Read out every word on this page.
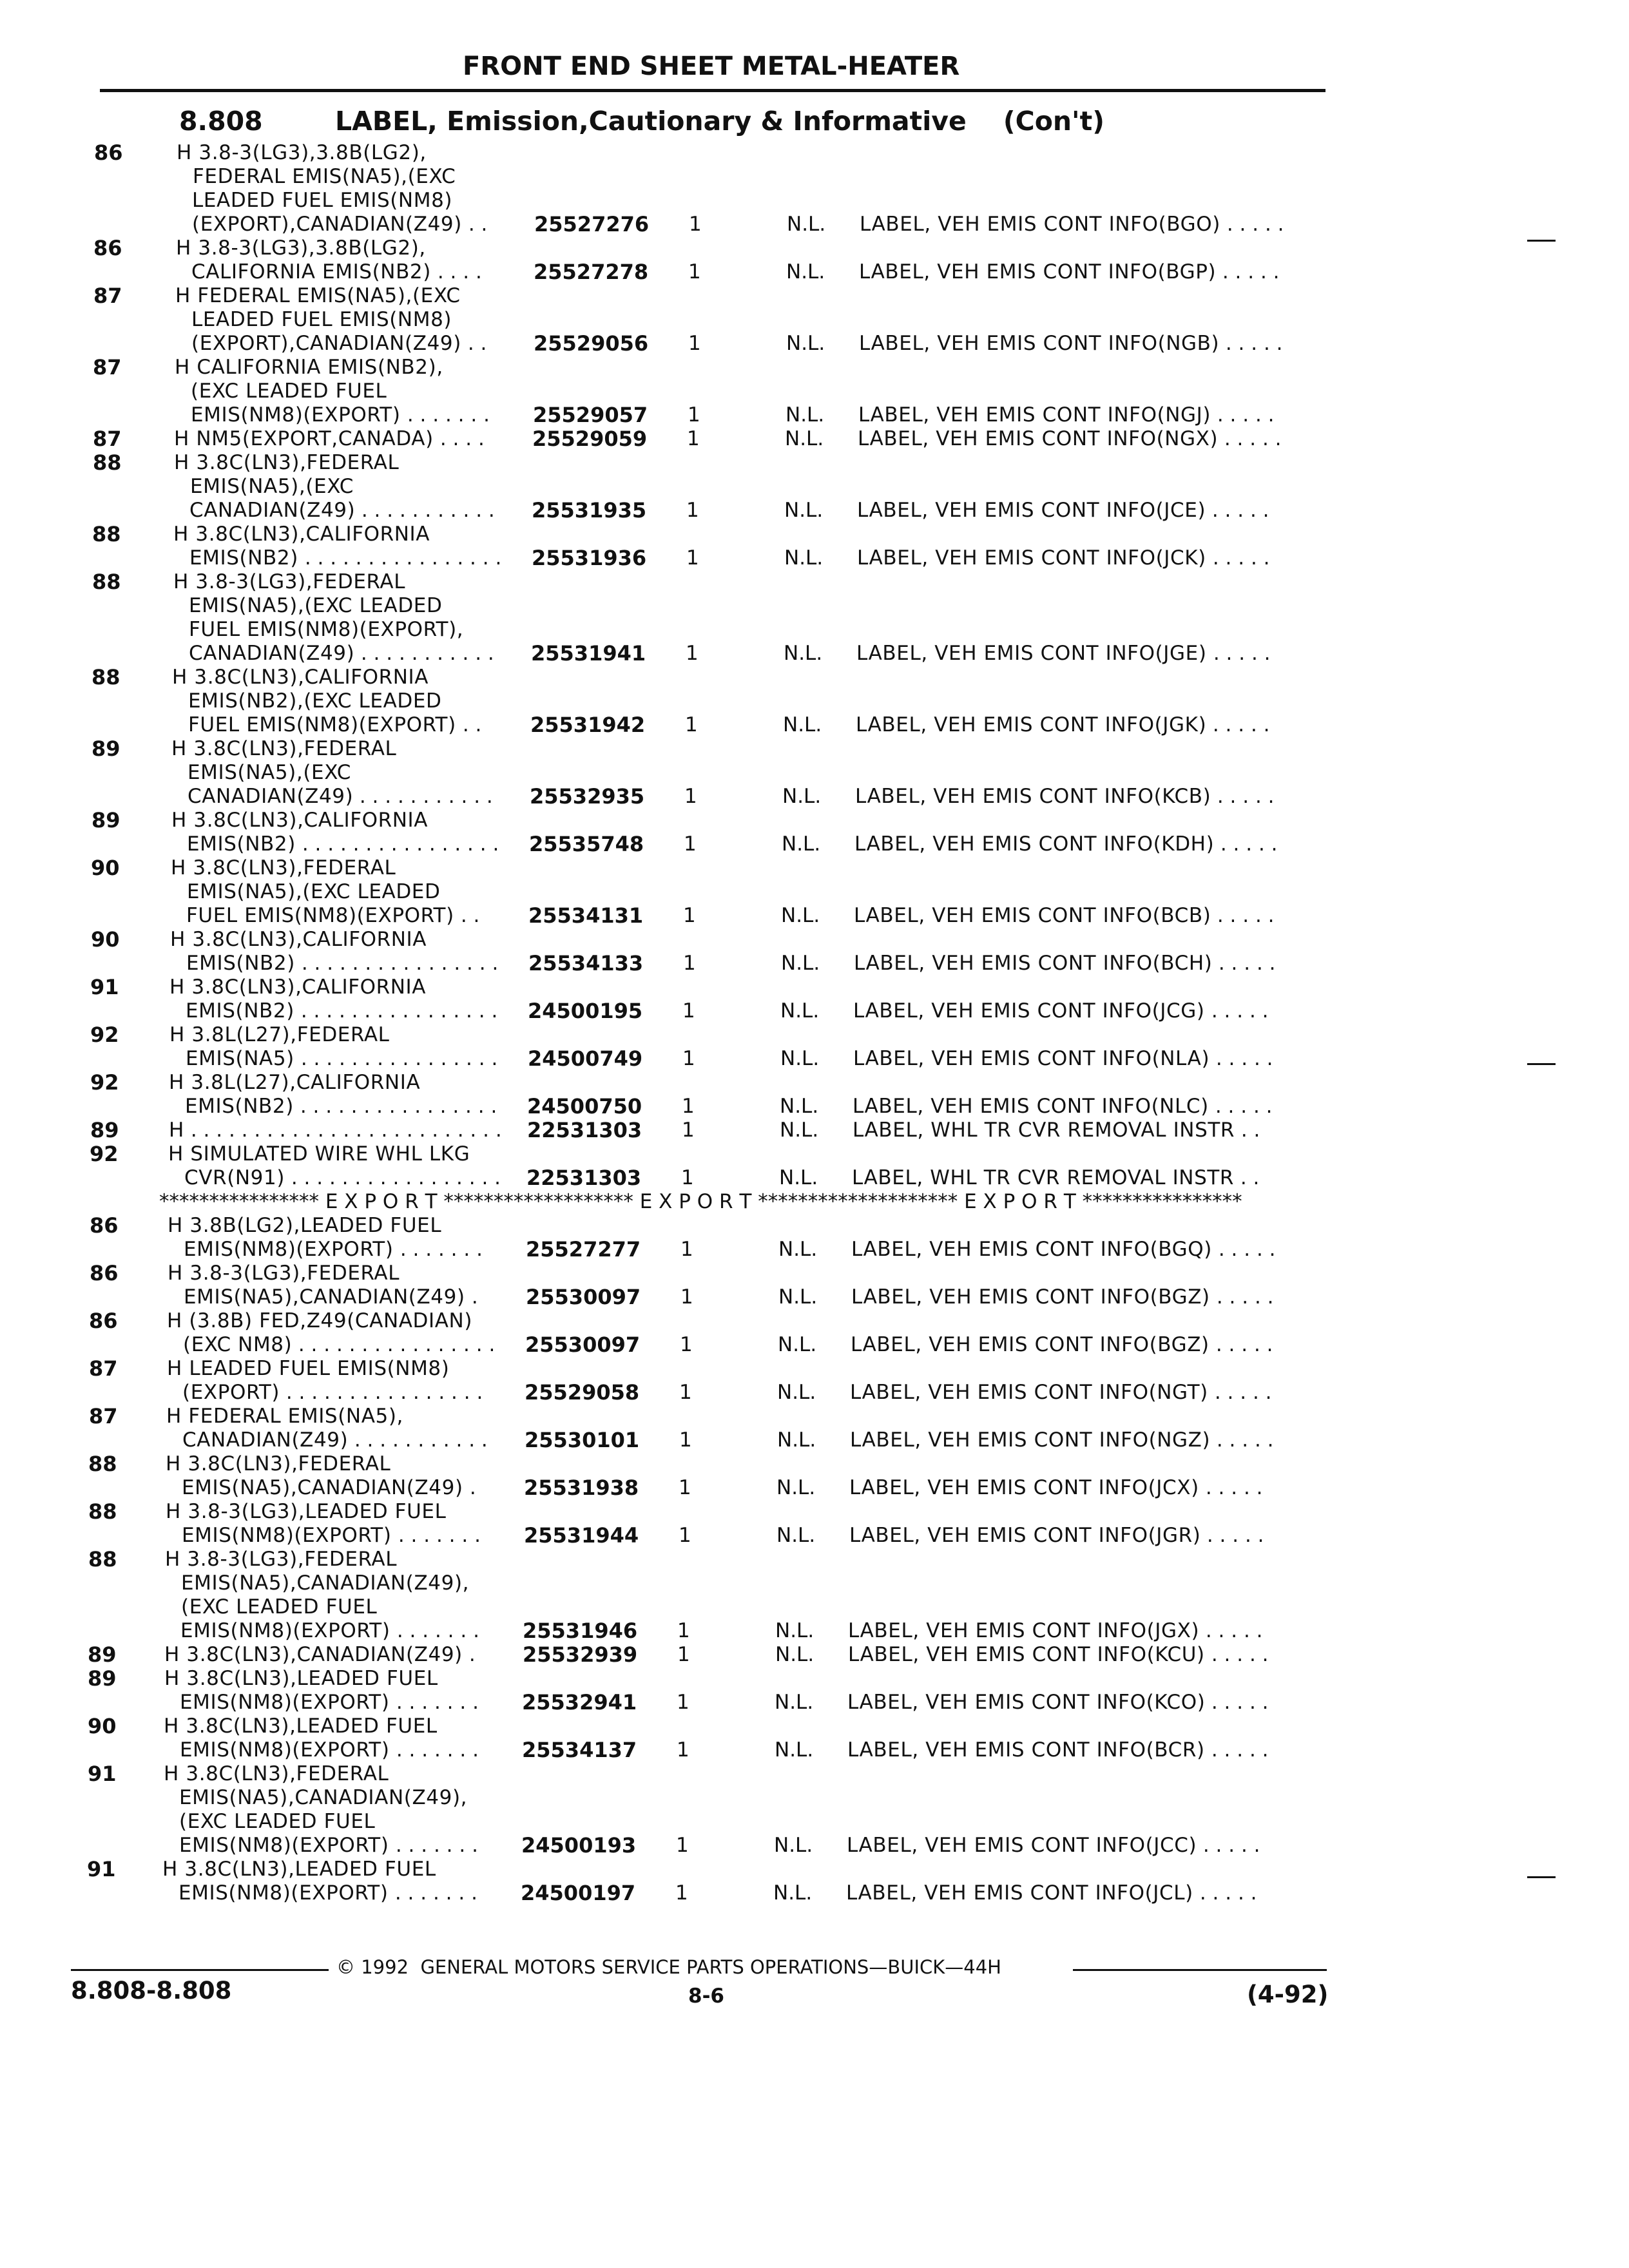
FRONT END SHEET METAL-HEATER
8.808	LABEL, Emission,Cautionary & Informative    (Con't)
86	H 3.8-3(LG3),3.8B(LG2),
FEDERAL EMIS(NA5),(EXC
LEADED FUEL EMIS(NM8)
(EXPORT),CANADIAN(Z49) . . 25527276 1	N.L. LABEL, VEH EMIS CONT INFO(BGO) . . . . .
86	H 3.8-3(LG3),3.8B(LG2),
CALIFORNIA EMIS(NB2) . . . .	25527278 1	N.L. LABEL, VEH EMIS CONT INFO(BGP) . . . . .
87	H FEDERAL EMIS(NA5),(EXC
LEADED FUEL EMIS(NM8)
(EXPORT),CANADIAN(Z49) . . 25529056 1	N.L. LABEL, VEH EMIS CONT INFO(NGB) . . . . .
87	H CALIFORNIA EMIS(NB2),
(EXC LEADED FUEL
EMIS(NM8)(EXPORT) . . . . . . . 25529057 1	N.L. LABEL, VEH EMIS CONT INFO(NGJ) . . . . .
87	H NM5(EXPORT,CANADA) . . . . 25529059 1	N.L. LABEL, VEH EMIS CONT INFO(NGX) . . . . .
88	H 3.8C(LN3),FEDERAL
EMIS(NA5),(EXC
CANADIAN(Z49) . . . . . . . . . . . 25531935 1	N.L. LABEL, VEH EMIS CONT INFO(JCE) . . . . .
88	H 3.8C(LN3),CALIFORNIA
EMIS(NB2) . . . . . . . . . . . . . . . . 25531936 1	N.L. LABEL, VEH EMIS CONT INFO(JCK) . . . . .
88	H 3.8-3(LG3),FEDERAL
EMIS(NA5),(EXC LEADED
FUEL EMIS(NM8)(EXPORT),
CANADIAN(Z49) . . . . . . . . . . . 25531941 1	N.L. LABEL, VEH EMIS CONT INFO(JGE) . . . . .
88	H 3.8C(LN3),CALIFORNIA
EMIS(NB2),(EXC LEADED
FUEL EMIS(NM8)(EXPORT) . . 25531942 1	N.L. LABEL, VEH EMIS CONT INFO(JGK) . . . . .
89	H 3.8C(LN3),FEDERAL
EMIS(NA5),(EXC
CANADIAN(Z49) . . . . . . . . . . . 25532935 1	N.L. LABEL, VEH EMIS CONT INFO(KCB) . . . . .
89	H 3.8C(LN3),CALIFORNIA
EMIS(NB2) . . . . . . . . . . . . . . . . 25535748 1	N.L. LABEL, VEH EMIS CONT INFO(KDH) . . . . .
90	H 3.8C(LN3),FEDERAL
EMIS(NA5),(EXC LEADED
FUEL EMIS(NM8)(EXPORT) . . 25534131 1	N.L. LABEL, VEH EMIS CONT INFO(BCB) . . . . .
90	H 3.8C(LN3),CALIFORNIA
EMIS(NB2) . . . . . . . . . . . . . . . . 25534133 1	N.L. LABEL, VEH EMIS CONT INFO(BCH) . . . . .
91	H 3.8C(LN3),CALIFORNIA
EMIS(NB2) . . . . . . . . . . . . . . . . 24500195 1	N.L. LABEL, VEH EMIS CONT INFO(JCG) . . . . .
92	H 3.8L(L27),FEDERAL
EMIS(NA5) . . . . . . . . . . . . . . . . 24500749 1	N.L. LABEL, VEH EMIS CONT INFO(NLA) . . . . .
92 H 3.8L(L27),CALIFORNIA
EMIS(NB2) . . . . . . . . . . . . . . . . 24500750 1	N.L. LABEL, VEH EMIS CONT INFO(NLC) . . . . .
89 H . . . . . . . . . . . . . . . . . . . . . . . . . 22531303 1	N.L. LABEL, WHL TR CVR REMOVAL INSTR . .
92 H SIMULATED WIRE WHL LKG
CVR(N91) . . . . . . . . . . . . . . . . . 22531303 1	N.L. LABEL, WHL TR CVR REMOVAL INSTR . .
**************** E X P O R T ******************* E X P O R T ******************** E X P O R T ****************
86 H 3.8B(LG2),LEADED FUEL
EMIS(NM8)(EXPORT) . . . . . . . 25527277 1	N.L. LABEL, VEH EMIS CONT INFO(BGQ) . . . . .
86 H 3.8-3(LG3),FEDERAL
EMIS(NA5),CANADIAN(Z49) . 25530097 1	N.L. LABEL, VEH EMIS CONT INFO(BGZ) . . . . .
86 H (3.8B) FED,Z49(CANADIAN)
(EXC NM8) . . . . . . . . . . . . . . . . 25530097 1	N.L. LABEL, VEH EMIS CONT INFO(BGZ) . . . . .
87 H LEADED FUEL EMIS(NM8)
(EXPORT) . . . . . . . . . . . . . . . . 25529058 1	N.L. LABEL, VEH EMIS CONT INFO(NGT) . . . . .
87 H FEDERAL EMIS(NA5),
CANADIAN(Z49) . . . . . . . . . . . 25530101 1	N.L. LABEL, VEH EMIS CONT INFO(NGZ) . . . . .
88 H 3.8C(LN3),FEDERAL
EMIS(NA5),CANADIAN(Z49) . 25531938 1	N.L. LABEL, VEH EMIS CONT INFO(JCX) . . . . .
88 H 3.8-3(LG3),LEADED FUEL
EMIS(NM8)(EXPORT) . . . . . . . 25531944 1	N.L. LABEL, VEH EMIS CONT INFO(JGR) . . . . .
88 H 3.8-3(LG3),FEDERAL
EMIS(NA5),CANADIAN(Z49),
(EXC LEADED FUEL
EMIS(NM8)(EXPORT) . . . . . . . 25531946 1	N.L. LABEL, VEH EMIS CONT INFO(JGX) . . . . .
89 H 3.8C(LN3),CANADIAN(Z49) . 25532939 1	N.L. LABEL, VEH EMIS CONT INFO(KCU) . . . . .
89 H 3.8C(LN3),LEADED FUEL
EMIS(NM8)(EXPORT) . . . . . . . 25532941 1	N.L. LABEL, VEH EMIS CONT INFO(KCO) . . . . .
90 H 3.8C(LN3),LEADED FUEL
EMIS(NM8)(EXPORT) . . . . . . . 25534137 1	N.L. LABEL, VEH EMIS CONT INFO(BCR) . . . . .
91 H 3.8C(LN3),FEDERAL
EMIS(NA5),CANADIAN(Z49),
(EXC LEADED FUEL
EMIS(NM8)(EXPORT) . . . . . . . 24500193 1	N.L. LABEL, VEH EMIS CONT INFO(JCC) . . . . .
91 H 3.8C(LN3),LEADED FUEL
EMIS(NM8)(EXPORT) . . . . . . . 24500197 1	N.L. LABEL, VEH EMIS CONT INFO(JCL) . . . . .
© 1992  GENERAL MOTORS SERVICE PARTS OPERATIONS—BUICK—44H
8.808-8.808	8-6	(4-92)
